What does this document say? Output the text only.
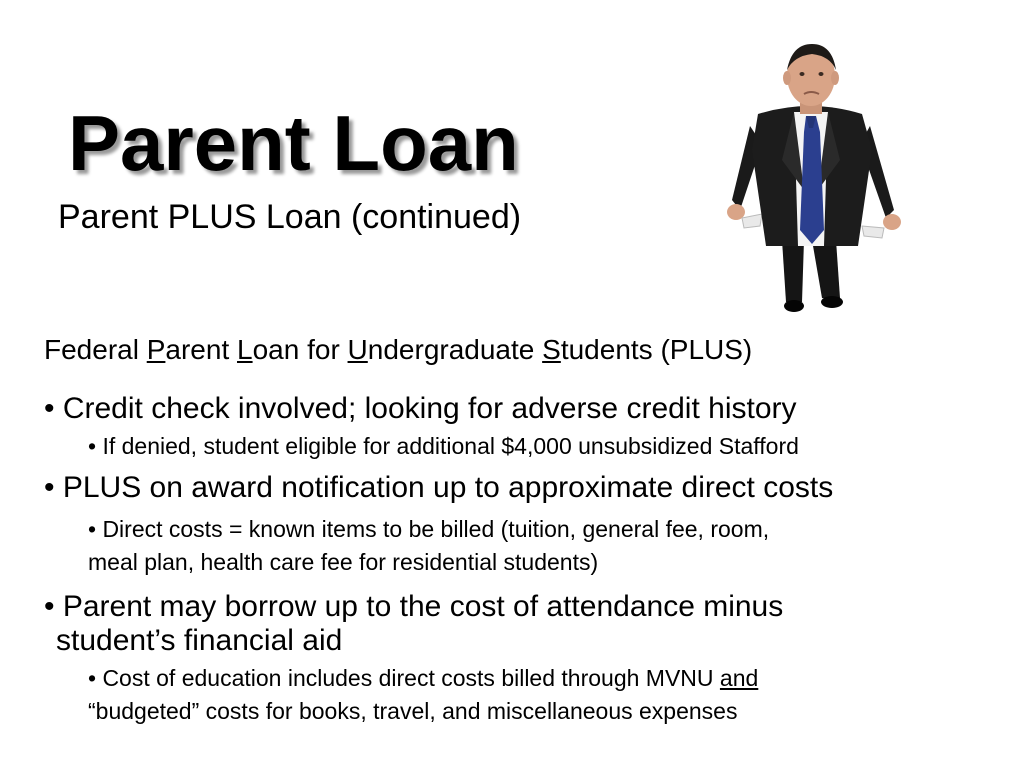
Parent Loan
Parent PLUS Loan (continued)
Federal Parent Loan for Undergraduate Students (PLUS)
• Credit check involved; looking for adverse credit history
• If denied, student eligible for additional $4,000 unsubsidized Stafford
• PLUS on award notification up to approximate direct costs
• Direct costs = known items to be billed (tuition, general fee, room,
meal plan, health care fee for residential students)
• Parent may borrow up to the cost of attendance minus
student’s financial aid
• Cost of education includes direct costs billed through MVNU and
“budgeted” costs for books, travel, and miscellaneous expenses
